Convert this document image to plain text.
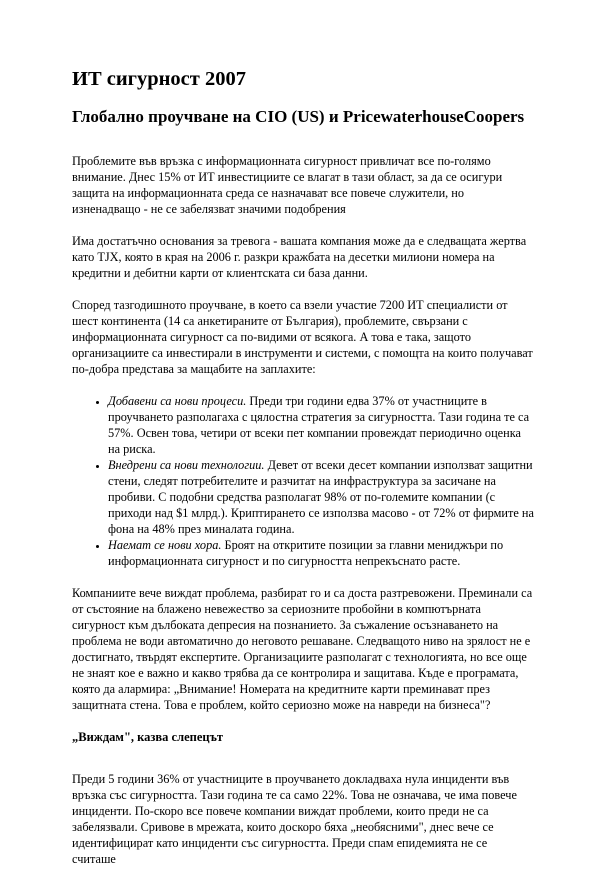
ИТ сигурност 2007
Глобално проучване на CIO (US) и PricewaterhouseCoopers

Проблемите във връзка с информационната сигурност привличат все по-голямо внимание. Днес 15% от ИТ инвестициите се влагат в тази област, за да се осигури защита на информационната среда се назначават все повече служители, но изненадващо - не се забелязват значими подобрения

Има достатъчно основания за тревога - вашата компания може да е следващата жертва като TJX, която в края на 2006 г. разкри кражбата на десетки милиони номера на кредитни и дебитни карти от клиентската си база данни.

Според тазгодишното проучване, в което са взели участие 7200 ИТ специалисти от шест континента (14 са анкетираните от България), проблемите, свързани с информационната сигурност са по-видими от всякога. А това е така, защото организациите са инвестирали в инструменти и системи, с помощта на които получават по-добра представа за мащабите на заплахите:

• Добавени са нови процеси. Преди три години едва 37% от участниците в проучването разполагаха с цялостна стратегия за сигурността. Тази година те са 57%. Освен това, четири от всеки пет компании провеждат периодично оценка на риска.
• Внедрени са нови технологии. Девет от всеки десет компании използват защитни стени, следят потребителите и разчитат на инфраструктура за засичане на пробиви. С подобни средства разполагат 98% от по-големите компании (с приходи над $1 млрд.). Криптирането се използва масово - от 72% от фирмите на фона на 48% през миналата година.
• Наемат се нови хора. Броят на откритите позиции за главни мениджъри по информационната сигурност и по сигурността непрекъснато расте.

Компаниите вече виждат проблема, разбират го и са доста разтревожени. Преминали са от състояние на блажено невежество за сериозните пробойни в компютърната сигурност към дълбоката депресия на познанието. За съжаление осъзнаването на проблема не води автоматично до неговото решаване. Следващото ниво на зрялост не е достигнато, твърдят експертите. Организациите разполагат с технологията, но все още не знаят кое е важно и какво трябва да се контролира и защитава. Къде е програмата, която да алармира: „Внимание! Номерата на кредитните карти преминават през защитната стена. Това е проблем, който сериозно може на навреди на бизнеса"?

„Виждам", казва слепецът

Преди 5 години 36% от участниците в проучването докладваха нула инциденти във връзка със сигурността. Тази година те са само 22%. Това не означава, че има повече инциденти. По-скоро все повече компании виждат проблеми, които преди не са забелязвали. Сривове в мрежата, които доскоро бяха „необясними", днес вече се идентифицират като инциденти със сигурността. Преди спам епидемията не се считаше
